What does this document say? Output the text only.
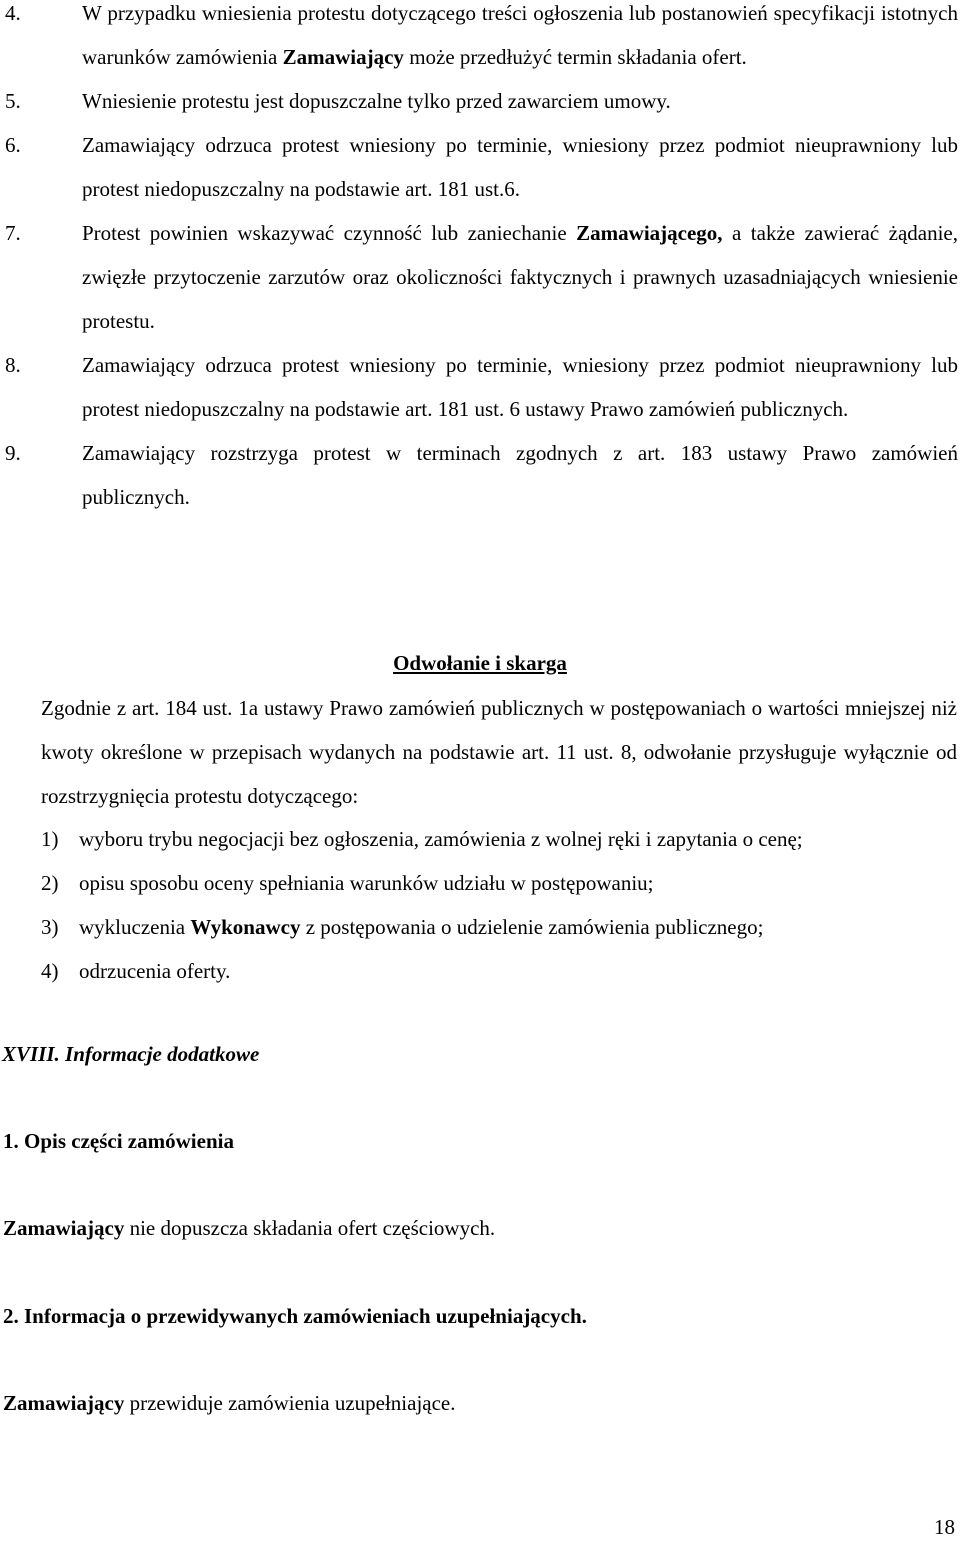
4.	W przypadku wniesienia protestu dotyczącego treści ogłoszenia lub postanowień specyfikacji istotnych warunków zamówienia Zamawiający może przedłużyć termin składania ofert.
5.	Wniesienie protestu jest dopuszczalne tylko przed zawarciem umowy.
6.	Zamawiający odrzuca protest wniesiony po terminie, wniesiony przez podmiot nieuprawniony lub protest niedopuszczalny na podstawie art. 181 ust.6.
7.	Protest powinien wskazywać czynność lub zaniechanie Zamawiającego, a także zawierać żądanie, zwięzłe przytoczenie zarzutów oraz okoliczności faktycznych i prawnych uzasadniających wniesienie protestu.
8.	Zamawiający odrzuca protest wniesiony po terminie, wniesiony przez podmiot nieuprawniony lub protest niedopuszczalny na podstawie art. 181 ust. 6 ustawy Prawo zamówień publicznych.
9.	Zamawiający rozstrzyga protest w terminach zgodnych z art. 183 ustawy Prawo zamówień publicznych.
Odwołanie i skarga
Zgodnie z art. 184 ust. 1a ustawy Prawo zamówień publicznych w postępowaniach o wartości mniejszej niż kwoty określone w przepisach wydanych na podstawie art. 11 ust. 8, odwołanie przysługuje wyłącznie od rozstrzygnięcia protestu dotyczącego:
1) wyboru trybu negocjacji bez ogłoszenia, zamówienia z wolnej ręki i zapytania o cenę;
2) opisu sposobu oceny spełniania warunków udziału w postępowaniu;
3) wykluczenia Wykonawcy z postępowania o udzielenie zamówienia publicznego;
4) odrzucenia oferty.
XVIII. Informacje dodatkowe
1. Opis części zamówienia
Zamawiający nie dopuszcza składania ofert częściowych.
2. Informacja o przewidywanych zamówieniach uzupełniających.
Zamawiający przewiduje zamówienia uzupełniające.
18
